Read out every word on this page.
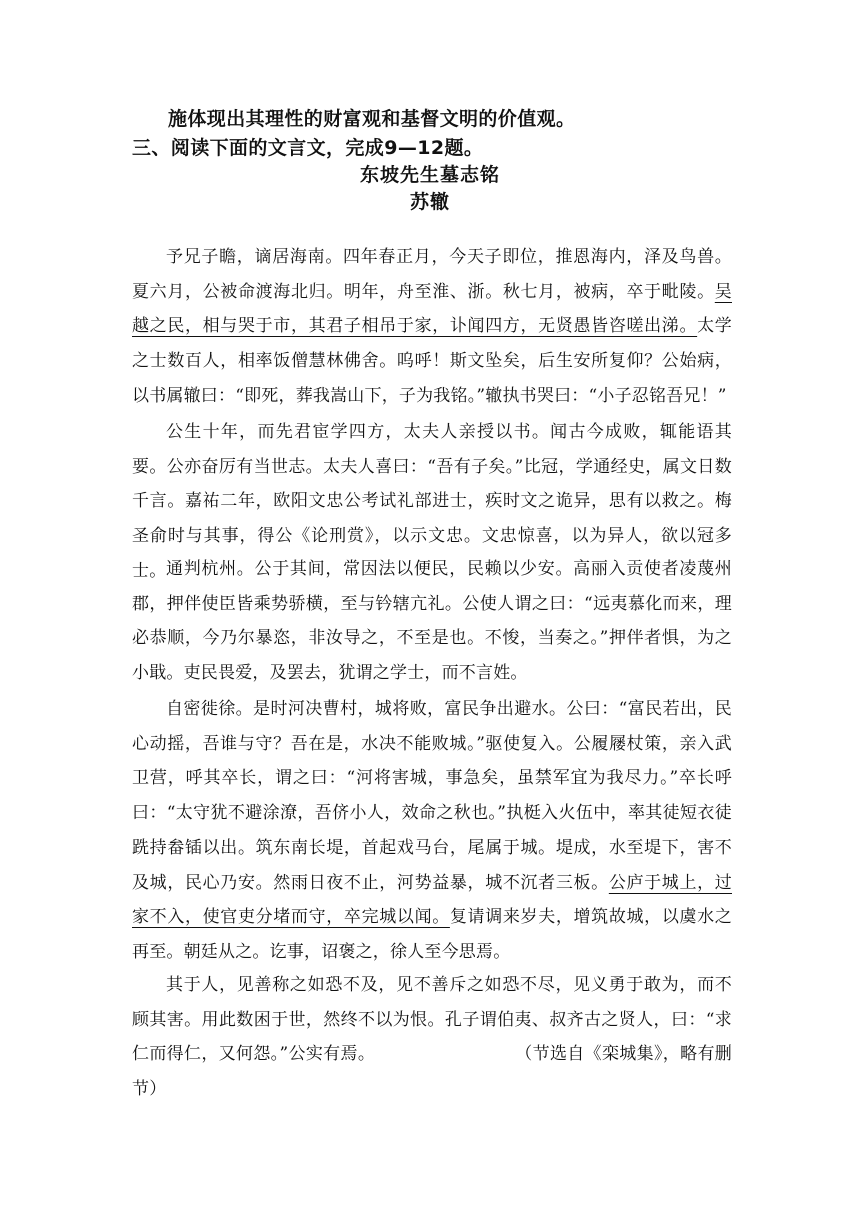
施体现出其理性的财富观和基督文明的价值观。
三、阅读下面的文言文，完成9—12题。
东坡先生墓志铭
苏辙
予兄子瞻，谪居海南。四年春正月，今天子即位，推恩海内，泽及鸟兽。夏六月，公被命渡海北归。明年，舟至淮、浙。秋七月，被病，卒于毗陵。吴越之民，相与哭于市，其君子相吊于家，讣闻四方，无贤愚皆咨嗟出涕。太学之士数百人，相率饭僧慧林佛舍。呜呼！斯文坠矣，后生安所复仰？公始病，以书属辙曰：“即死，葬我嵩山下，子为我铭。”辙执书哭曰：“小子忍铭吾兄！”
公生十年，而先君宦学四方，太夫人亲授以书。闻古今成败，辄能语其要。公亦奋厉有当世志。太夫人喜曰：“吾有子矣。”比冠，学通经史，属文日数千言。嘉祐二年，欧阳文忠公考试礼部进士，疾时文之诡异，思有以救之。梅圣俞时与其事，得公《论刑赏》，以示文忠。文忠惊喜，以为异人，欲以冠多士。 通判杭州。公于其间，常因法以便民，民赖以少安。高丽入贡使者凌蔑州郡，押伴使臣皆乘势骄横，至与钤辖亢礼。公使人谓之曰：“远夷慕化而来，理必恭顺，今乃尔暴恣，非汝导之，不至是也。不悛，当奏之。”押伴者惧，为之小戢。吏民畏爱，及罢去，犹谓之学士，而不言姓。
自密徙徐。是时河决曹村，城将败，富民争出避水。公曰：“富民若出，民心动摇，吾谁与守？吾在是，水决不能败城。”驱使复入。公履屦杖策，亲入武卫营，呼其卒长，谓之曰：“河将害城，事急矣，虽禁军宜为我尽力。”卒长呼曰：“太守犹不避涂潦，吾侪小人，效命之秋也。”执梃入火伍中，率其徒短衣徒跣持畚锸以出。筑东南长堤，首起戏马台，尾属于城。堤成，水至堤下，害不及城，民心乃安。然雨日夜不止，河势益暴，城不沉者三板。公庐于城上，过家不入，使官吏分堵而守，卒完城以闻。复请调来岁夫，增筑故城，以虞水之再至。朝廷从之。讫事，诏褒之，徐人至今思焉。
其于人，见善称之如恐不及，见不善斥之如恐不尽，见义勇于敢为，而不顾其害。用此数困于世，然终不以为恨。孔子谓伯夷、叔齐古之贤人，曰：“求仁而得仁，又何怨。”公实有焉。	（节选自《栾城集》，略有删节）
